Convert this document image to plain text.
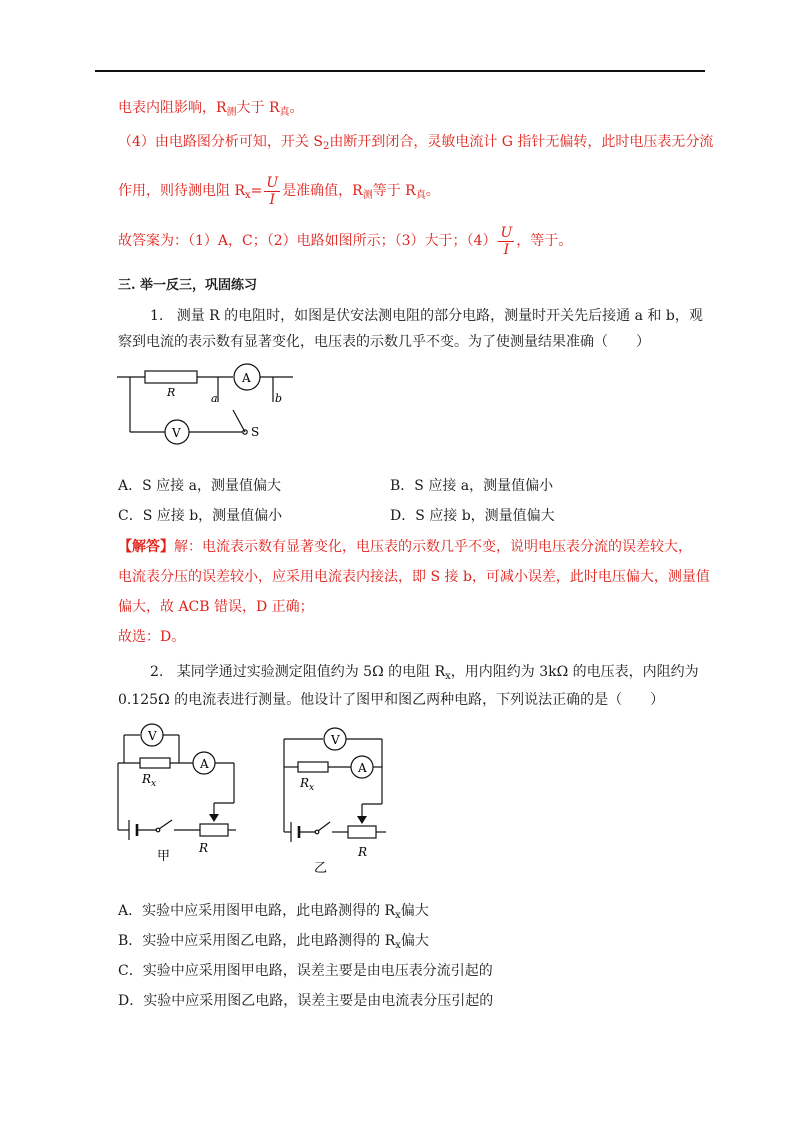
电表内阻影响，$R_测$大于 $R_真$。
（4）由电路图分析可知，开关 $S_2$由断开到闭合，灵敏电流计 G 指针无偏转，此时电压表无分流
作用，则待测电阻 $R_x= \frac{U}{I}$ 是准确值，$R_测$等于 $R_真$。
故答案为：（1）A，C；（2）电路如图所示；（3）大于；$(4) \frac{U}{I}$ ，等于。
三. 举一反三，巩固练习
1. 测量 R 的电阻时，如图是伏安法测电阻的部分电路，测量时开关先后接通 a 和 b，观
察到电流的表示数有显著变化，电压表的示数几乎不变。为了使测量结果准确（　　）
R
A
V
a	b
S
A．S 应接 a，测量值偏大	B．S 应接 a，测量值偏小
C．S 应接 b，测量值偏小	D．S 应接 b，测量值偏大
【解答】解：电流表示数有显著变化，电压表的示数几乎不变，说明电压表分流的误差较大，
电流表分压的误差较小，应采用电流表内接法，即 S 接 b，可减小误差，此时电压偏大，测量值
偏大，故 ACB 错误，D 正确；
故选：D。
2. 某同学通过实验测定阻值约为 5Ω 的电阻 $R_x$，用内阻约为 3kΩ 的电压表，内阻约为
0.125Ω 的电流表进行测量。他设计了图甲和图乙两种电路，下列说法正确的是（　　）
A
V
$R_x$
R
甲
V
A
$R_x$
R
乙
A．实验中应采用图甲电路，此电路测得的 $R_x$偏大
B．实验中应采用图乙电路，此电路测得的 $R_x$偏大
C．实验中应采用图甲电路，误差主要是由电压表分流引起的
D．实验中应采用图乙电路，误差主要是由电流表分压引起的
